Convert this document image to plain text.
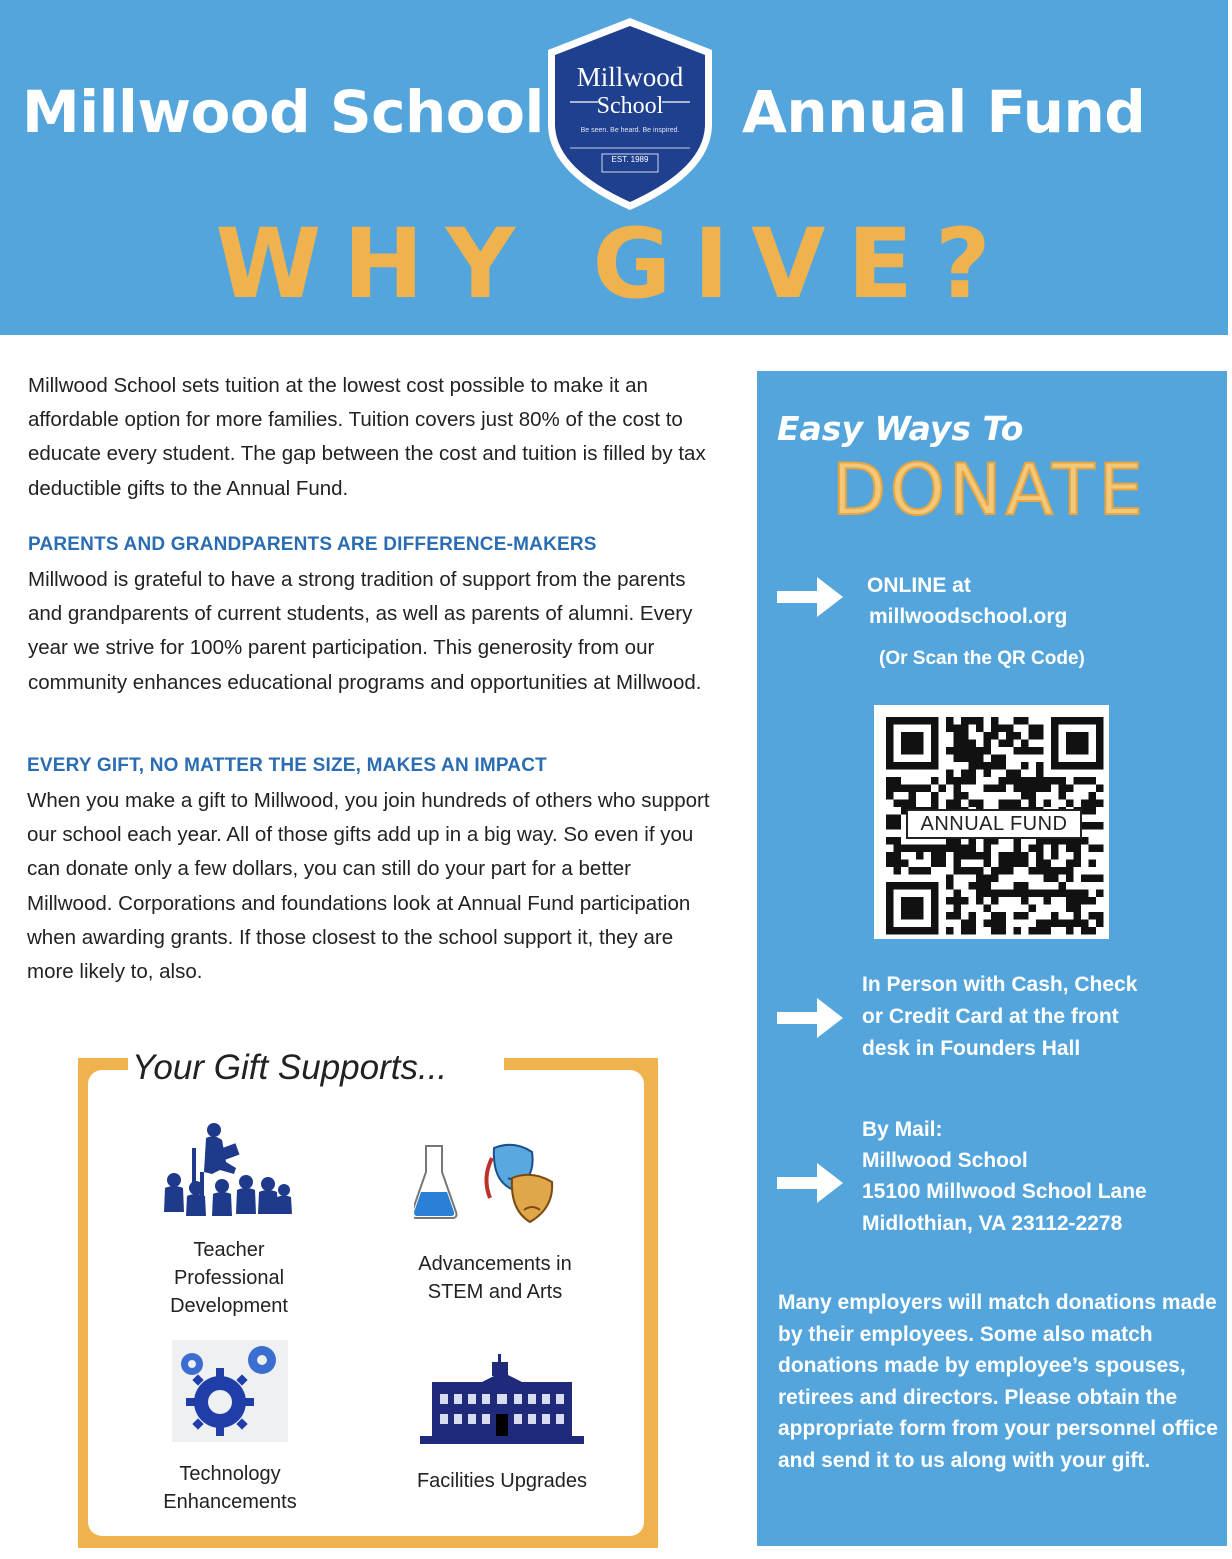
Millwood School	Annual Fund
Millwood
School
Be seen. Be heard. Be inspired.
EST. 1989
WHY GIVE?

Millwood School sets tuition at the lowest cost possible to make it an affordable option for more families. Tuition covers just 80% of the cost to educate every student. The gap between the cost and tuition is filled by tax deductible gifts to the Annual Fund.

PARENTS AND GRANDPARENTS ARE DIFFERENCE-MAKERS

Millwood is grateful to have a strong tradition of support from the parents and grandparents of current students, as well as parents of alumni. Every year we strive for 100% parent participation. This generosity from our community enhances educational programs and opportunities at Millwood.

EVERY GIFT, NO MATTER THE SIZE, MAKES AN IMPACT

When you make a gift to Millwood, you join hundreds of others who support our school each year. All of those gifts add up in a big way. So even if you can donate only a few dollars, you can still do your part for a better Millwood. Corporations and foundations look at Annual Fund participation when awarding grants. If those closest to the school support it, they are more likely to, also.

Your Gift Supports...
Teacher Professional Development
Advancements in STEM and Arts
Technology Enhancements
Facilities Upgrades
Easy Ways To
DONATE
ONLINE at
millwoodschool.org
(Or Scan the QR Code)
ANNUAL FUND
In Person with Cash, Check
or Credit Card at the front
desk in Founders Hall
By Mail:
Millwood School
15100 Millwood School Lane
Midlothian, VA 23112-2278
Many employers will match donations made by their employees. Some also match donations made by employee’s spouses, retirees and directors. Please obtain the appropriate form from your personnel office and send it to us along with your gift.
